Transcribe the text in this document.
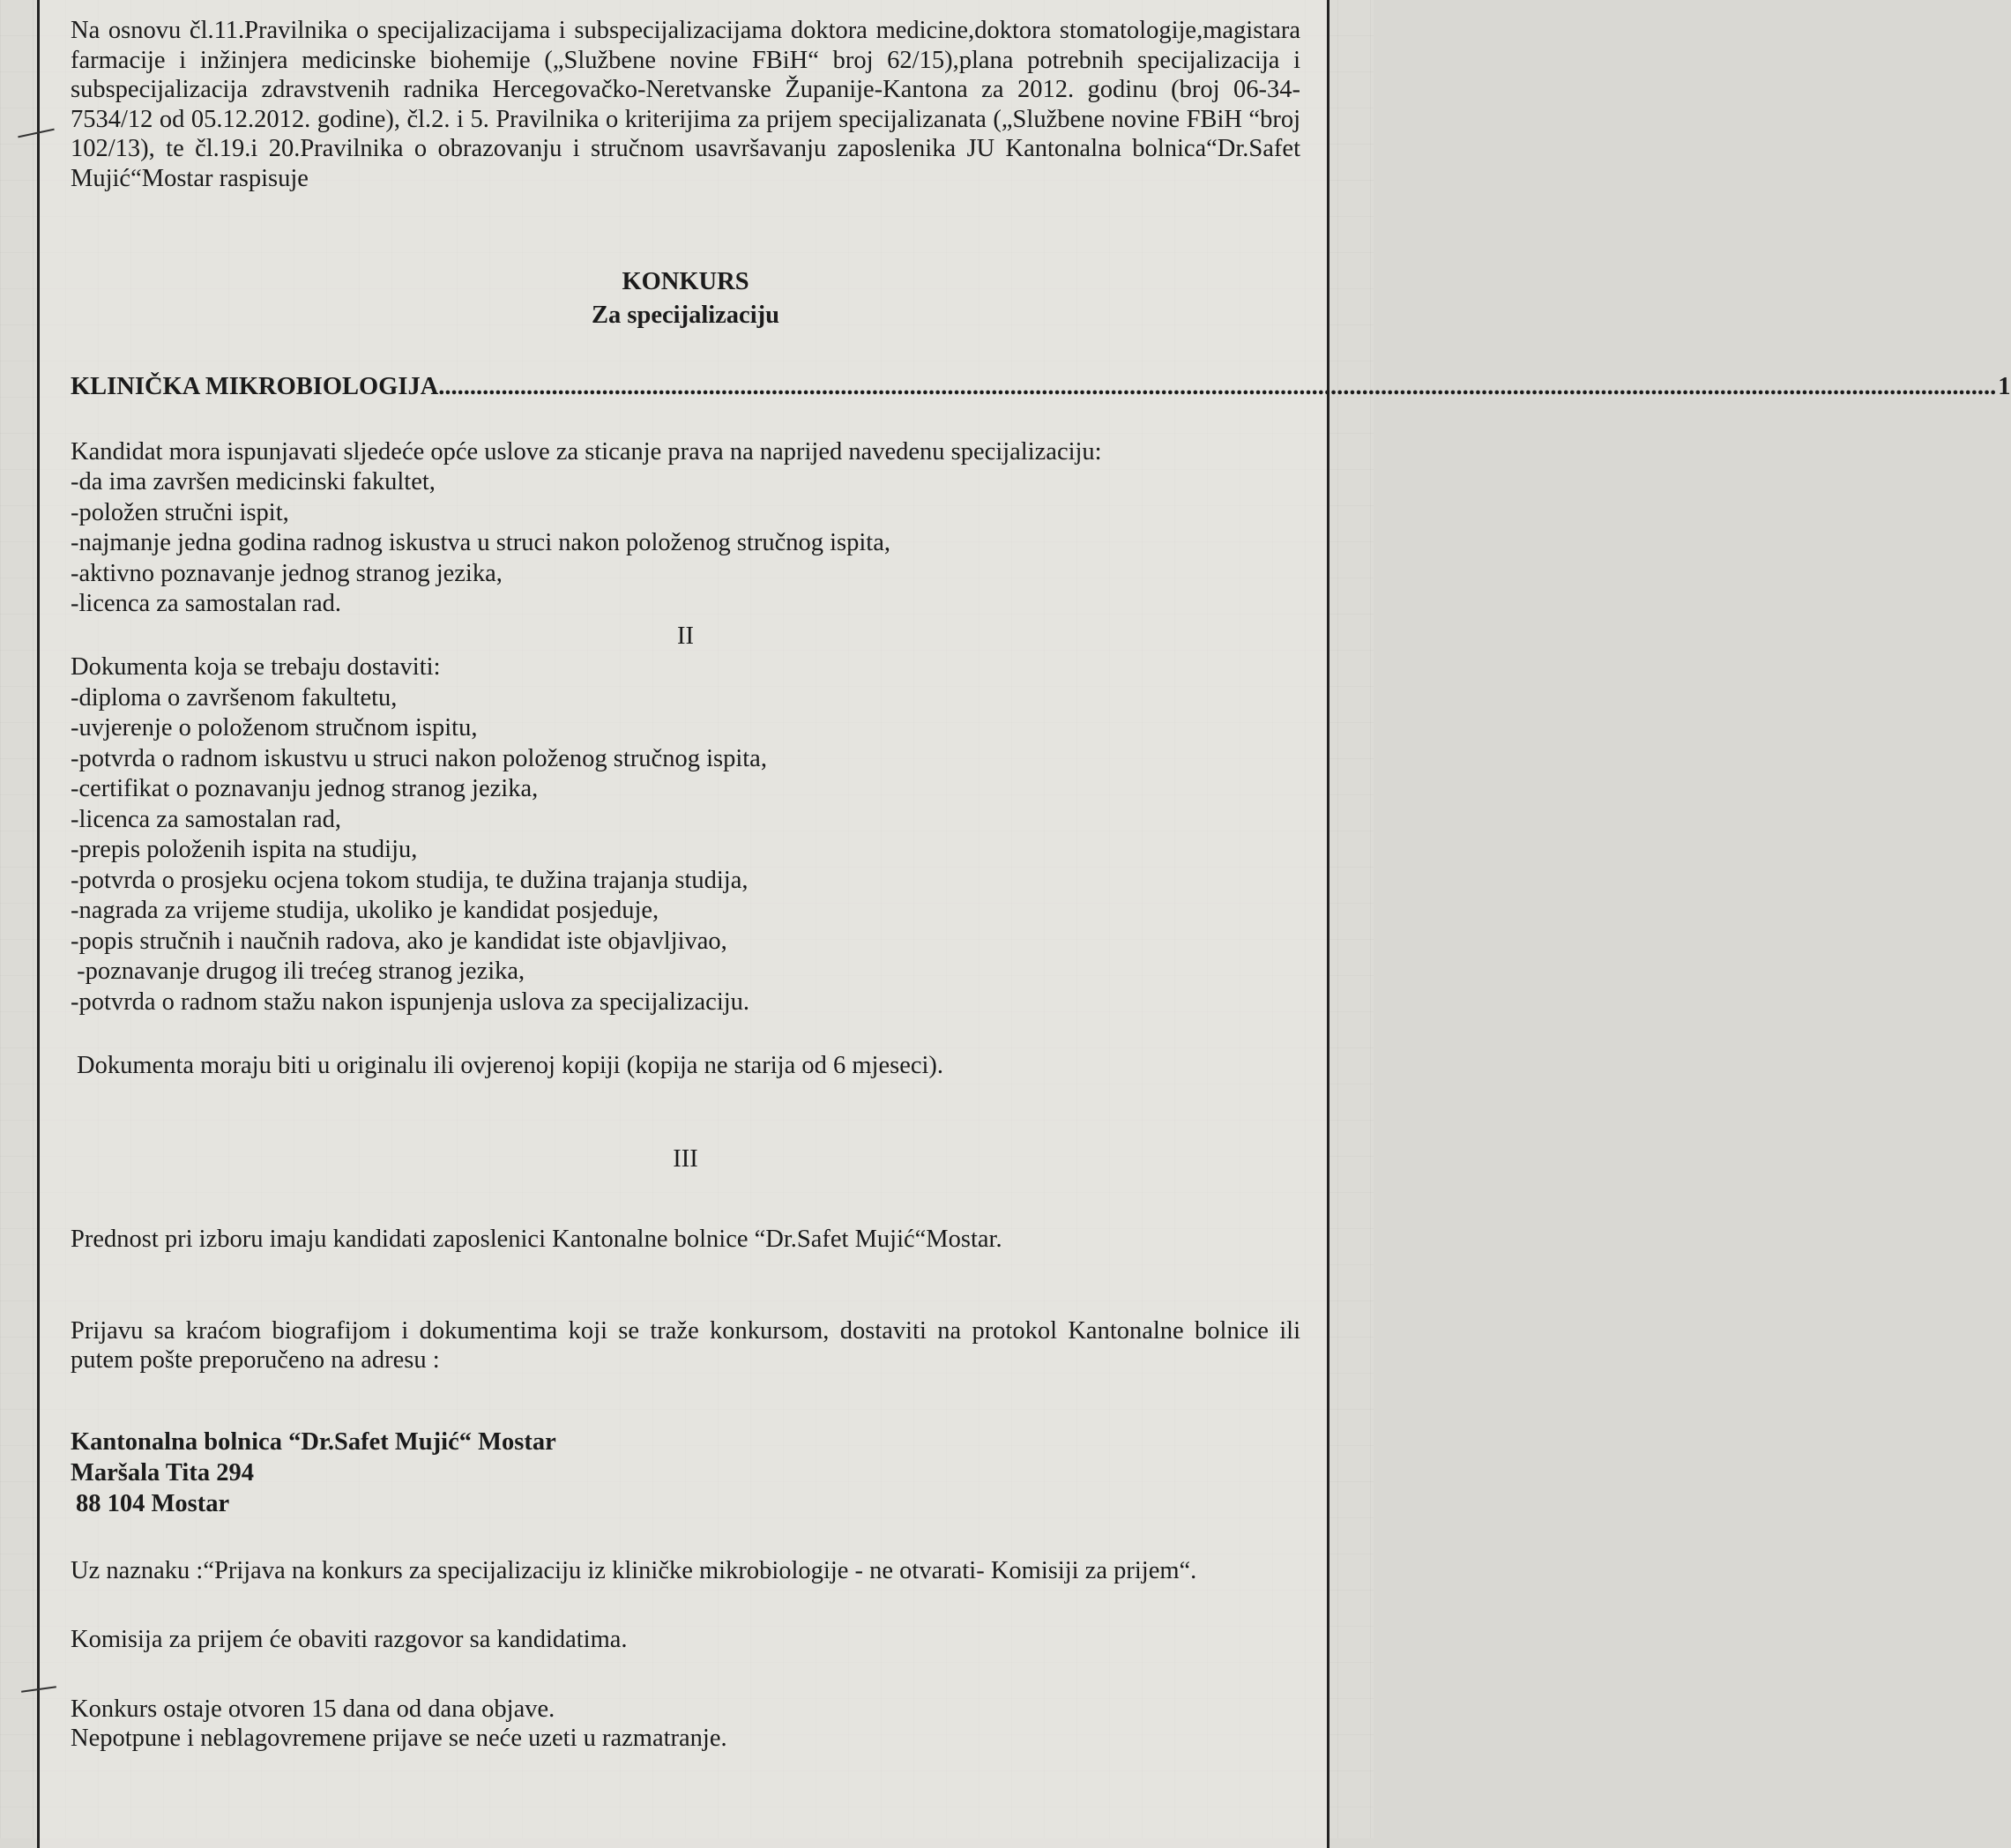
Na osnovu čl.11.Pravilnika o specijalizacijama i subspecijalizacijama doktora medicine,doktora stomatologije,magistara farmacije i inžinjera medicinske biohemije („Službene novine FBiH“ broj 62/15),plana potrebnih specijalizacija i subspecijalizacija zdravstvenih radnika Hercegovačko-Neretvanske Županije-Kantona za 2012. godinu (broj 06-34-7534/12 od 05.12.2012. godine), čl.2. i 5. Pravilnika o kriterijima za prijem specijalizanata („Službene novine FBiH “broj 102/13), te čl.19.i 20.Pravilnika o obrazovanju i stručnom usavršavanju zaposlenika JU Kantonalna bolnica“Dr.Safet Mujić“Mostar raspisuje

KONKURS
Za specijalizaciju
KLINIČKA MIKROBIOLOGIJA ........................................................................................................................................................................................................................................................ 1
Kandidat mora ispunjavati sljedeće opće uslove za sticanje prava na naprijed navedenu specijalizaciju:
-da ima završen medicinski fakultet,
-položen stručni ispit,
-najmanje jedna godina radnog iskustva u struci nakon položenog stručnog ispita,
-aktivno poznavanje jednog stranog jezika,
-licenca za samostalan rad.
II
Dokumenta koja se trebaju dostaviti:
-diploma o završenom fakultetu,
-uvjerenje o položenom stručnom ispitu,
-potvrda o radnom iskustvu u struci nakon položenog stručnog ispita,
-certifikat o poznavanju jednog stranog jezika,
-licenca za samostalan rad,
-prepis položenih ispita na studiju,
-potvrda o prosjeku ocjena tokom studija, te dužina trajanja studija,
-nagrada za vrijeme studija, ukoliko je kandidat posjeduje,
-popis stručnih i naučnih radova, ako je kandidat iste objavljivao,
-poznavanje drugog ili trećeg stranog jezika,
-potvrda o radnom stažu nakon ispunjenja uslova za specijalizaciju.

Dokumenta moraju biti u originalu ili ovjerenoj kopiji (kopija ne starija od 6 mjeseci).

III

Prednost pri izboru imaju kandidati zaposlenici Kantonalne bolnice “Dr.Safet Mujić“Mostar.

Prijavu sa kraćom biografijom i dokumentima koji se traže konkursom, dostaviti na protokol Kantonalne bolnice ili putem pošte preporučeno na adresu :

Kantonalna bolnica “Dr.Safet Mujić“ Mostar
Maršala Tita 294
88 104 Mostar

Uz naznaku :“Prijava na konkurs za specijalizaciju iz kliničke mikrobiologije - ne otvarati- Komisiji za prijem“.

Komisija za prijem će obaviti razgovor sa kandidatima.

Konkurs ostaje otvoren 15 dana od dana objave.
Nepotpune i neblagovremene prijave se neće uzeti u razmatranje.
